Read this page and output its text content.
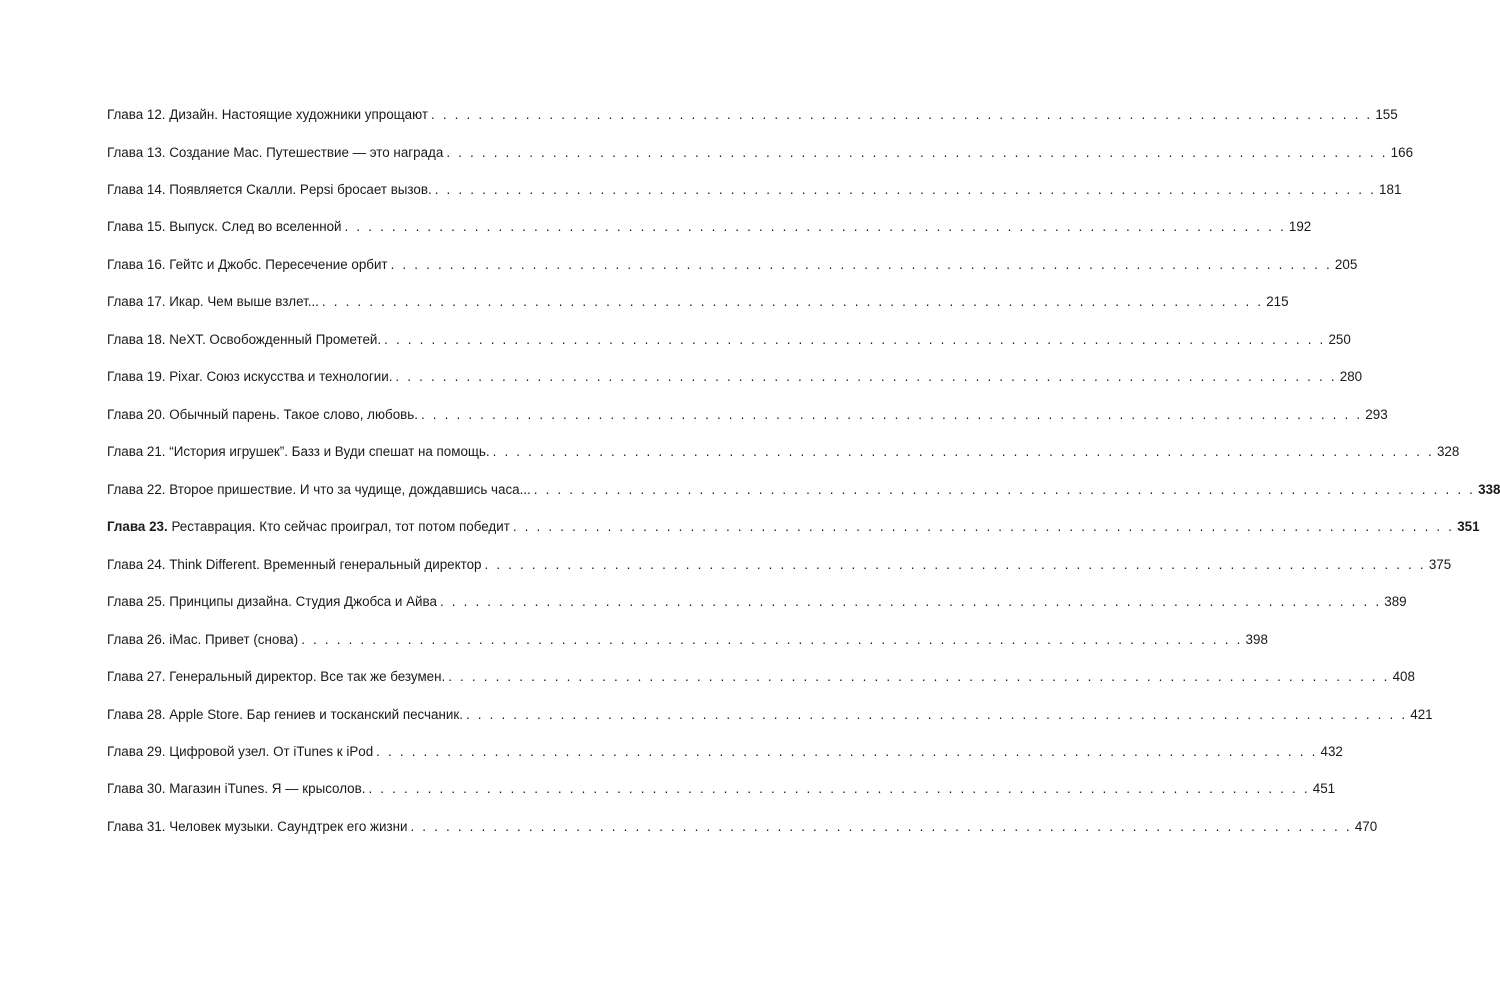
Глава 12. Дизайн. Настоящие художники упрощают . . . . . . . . . . . . . . . . . . . . . . . . . . . . . . . . . . . . . . . . . . . . . . . . . . . . . . . . . . . . . . . . . . . . . . . . . . . . . . . . 155
Глава 13. Создание Mac. Путешествие — это награда . . . . . . . . . . . . . . . . . . . . . . . . . . . . . . . . . . . . . . . . . . . . . . . . . . . . . . . . . . . . . . . . . . . . . . . . . . . . . . . . 166
Глава 14. Появляется Скалли. Pepsi бросает вызов. . . . . . . . . . . . . . . . . . . . . . . . . . . . . . . . . . . . . . . . . . . . . . . . . . . . . . . . . . . . . . . . . . . . . . . . . . . . . . . . . 181
Глава 15. Выпуск. След во вселенной . . . . . . . . . . . . . . . . . . . . . . . . . . . . . . . . . . . . . . . . . . . . . . . . . . . . . . . . . . . . . . . . . . . . . . . . . . . . . . . . 192
Глава 16. Гейтс и Джобс. Пересечение орбит . . . . . . . . . . . . . . . . . . . . . . . . . . . . . . . . . . . . . . . . . . . . . . . . . . . . . . . . . . . . . . . . . . . . . . . . . . . . . . . . 205
Глава 17. Икар. Чем выше взлет... . . . . . . . . . . . . . . . . . . . . . . . . . . . . . . . . . . . . . . . . . . . . . . . . . . . . . . . . . . . . . . . . . . . . . . . . . . . . . . . . 215
Глава 18. NeXT. Освобожденный Прометей. . . . . . . . . . . . . . . . . . . . . . . . . . . . . . . . . . . . . . . . . . . . . . . . . . . . . . . . . . . . . . . . . . . . . . . . . . . . . . . . . 250
Глава 19. Pixar. Союз искусства и технологии. . . . . . . . . . . . . . . . . . . . . . . . . . . . . . . . . . . . . . . . . . . . . . . . . . . . . . . . . . . . . . . . . . . . . . . . . . . . . . . . . 280
Глава 20. Обычный парень. Такое слово, любовь. . . . . . . . . . . . . . . . . . . . . . . . . . . . . . . . . . . . . . . . . . . . . . . . . . . . . . . . . . . . . . . . . . . . . . . . . . . . . . . . . 293
Глава 21. “История игрушек”. Базз и Вуди спешат на помощь. . . . . . . . . . . . . . . . . . . . . . . . . . . . . . . . . . . . . . . . . . . . . . . . . . . . . . . . . . . . . . . . . . . . . . . . . . . . . . . . . 328
Глава 22. Второе пришествие. И что за чудище, дождавшись часа... . . . . . . . . . . . . . . . . . . . . . . . . . . . . . . . . . . . . . . . . . . . . . . . . . . . . . . . . . . . . . . . . . . . . . . . . . . . . . . . . 338
Глава 23. Реставрация. Кто сейчас проиграл, тот потом победит . . . . . . . . . . . . . . . . . . . . . . . . . . . . . . . . . . . . . . . . . . . . . . . . . . . . . . . . . . . . . . . . . . . . . . . . . . . . . . . . 351
Глава 24. Think Different. Временный генеральный директор . . . . . . . . . . . . . . . . . . . . . . . . . . . . . . . . . . . . . . . . . . . . . . . . . . . . . . . . . . . . . . . . . . . . . . . . . . . . . . . . 375
Глава 25. Принципы дизайна. Студия Джобса и Айва . . . . . . . . . . . . . . . . . . . . . . . . . . . . . . . . . . . . . . . . . . . . . . . . . . . . . . . . . . . . . . . . . . . . . . . . . . . . . . . . 389
Глава 26. iMac. Привет (снова) . . . . . . . . . . . . . . . . . . . . . . . . . . . . . . . . . . . . . . . . . . . . . . . . . . . . . . . . . . . . . . . . . . . . . . . . . . . . . . . . 398
Глава 27. Генеральный директор. Все так же безумен. . . . . . . . . . . . . . . . . . . . . . . . . . . . . . . . . . . . . . . . . . . . . . . . . . . . . . . . . . . . . . . . . . . . . . . . . . . . . . . . . 408
Глава 28. Apple Store. Бар гениев и тосканский песчаник. . . . . . . . . . . . . . . . . . . . . . . . . . . . . . . . . . . . . . . . . . . . . . . . . . . . . . . . . . . . . . . . . . . . . . . . . . . . . . . . . 421
Глава 29. Цифровой узел. От iTunes к iPod . . . . . . . . . . . . . . . . . . . . . . . . . . . . . . . . . . . . . . . . . . . . . . . . . . . . . . . . . . . . . . . . . . . . . . . . . . . . . . . . 432
Глава 30. Магазин iTunes. Я — крысолов. . . . . . . . . . . . . . . . . . . . . . . . . . . . . . . . . . . . . . . . . . . . . . . . . . . . . . . . . . . . . . . . . . . . . . . . . . . . . . . . . 451
Глава 31. Человек музыки. Саундтрек его жизни . . . . . . . . . . . . . . . . . . . . . . . . . . . . . . . . . . . . . . . . . . . . . . . . . . . . . . . . . . . . . . . . . . . . . . . . . . . . . . . . 470
